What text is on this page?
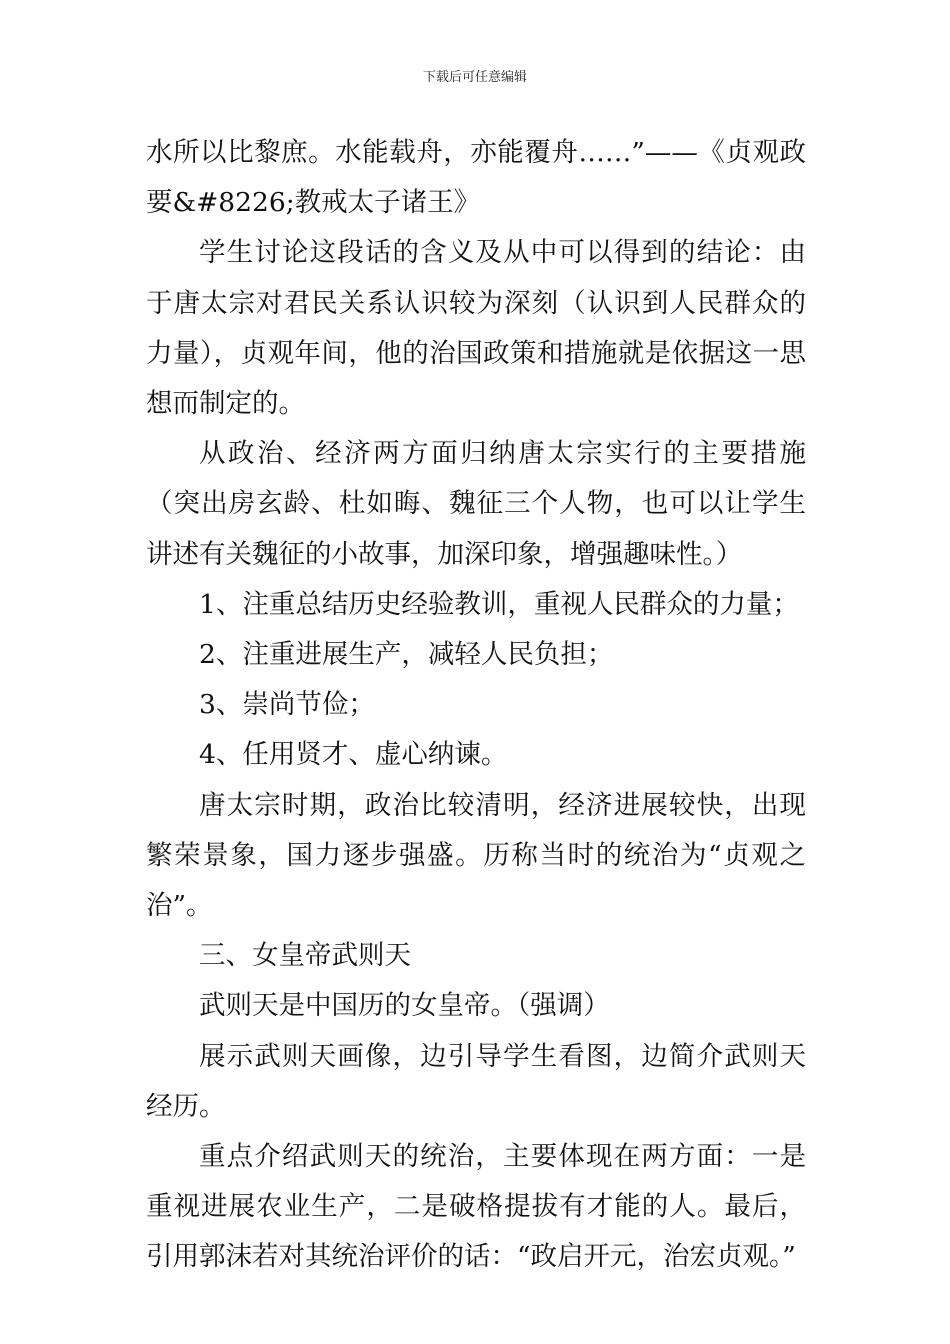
下载后可任意编辑

水所以比黎庶。水能载舟，亦能覆舟……”——《贞观政要&#8226;教戒太子诸王》

学生讨论这段话的含义及从中可以得到的结论：由于唐太宗对君民关系认识较为深刻（认识到人民群众的力量），贞观年间，他的治国政策和措施就是依据这一思想而制定的。

从政治、经济两方面归纳唐太宗实行的主要措施（突出房玄龄、杜如晦、魏征三个人物，也可以让学生讲述有关魏征的小故事，加深印象，增强趣味性。）

1、注重总结历史经验教训，重视人民群众的力量；

2、注重进展生产，减轻人民负担；

3、崇尚节俭；

4、任用贤才、虚心纳谏。

唐太宗时期，政治比较清明，经济进展较快，出现繁荣景象，国力逐步强盛。历称当时的统治为“贞观之治”。

三、女皇帝武则天

武则天是中国历的女皇帝。（强调）

展示武则天画像，边引导学生看图，边简介武则天经历。

重点介绍武则天的统治，主要体现在两方面：一是重视进展农业生产，二是破格提拔有才能的人。最后，引用郭沫若对其统治评价的话：“政启开元，治宏贞观。”
